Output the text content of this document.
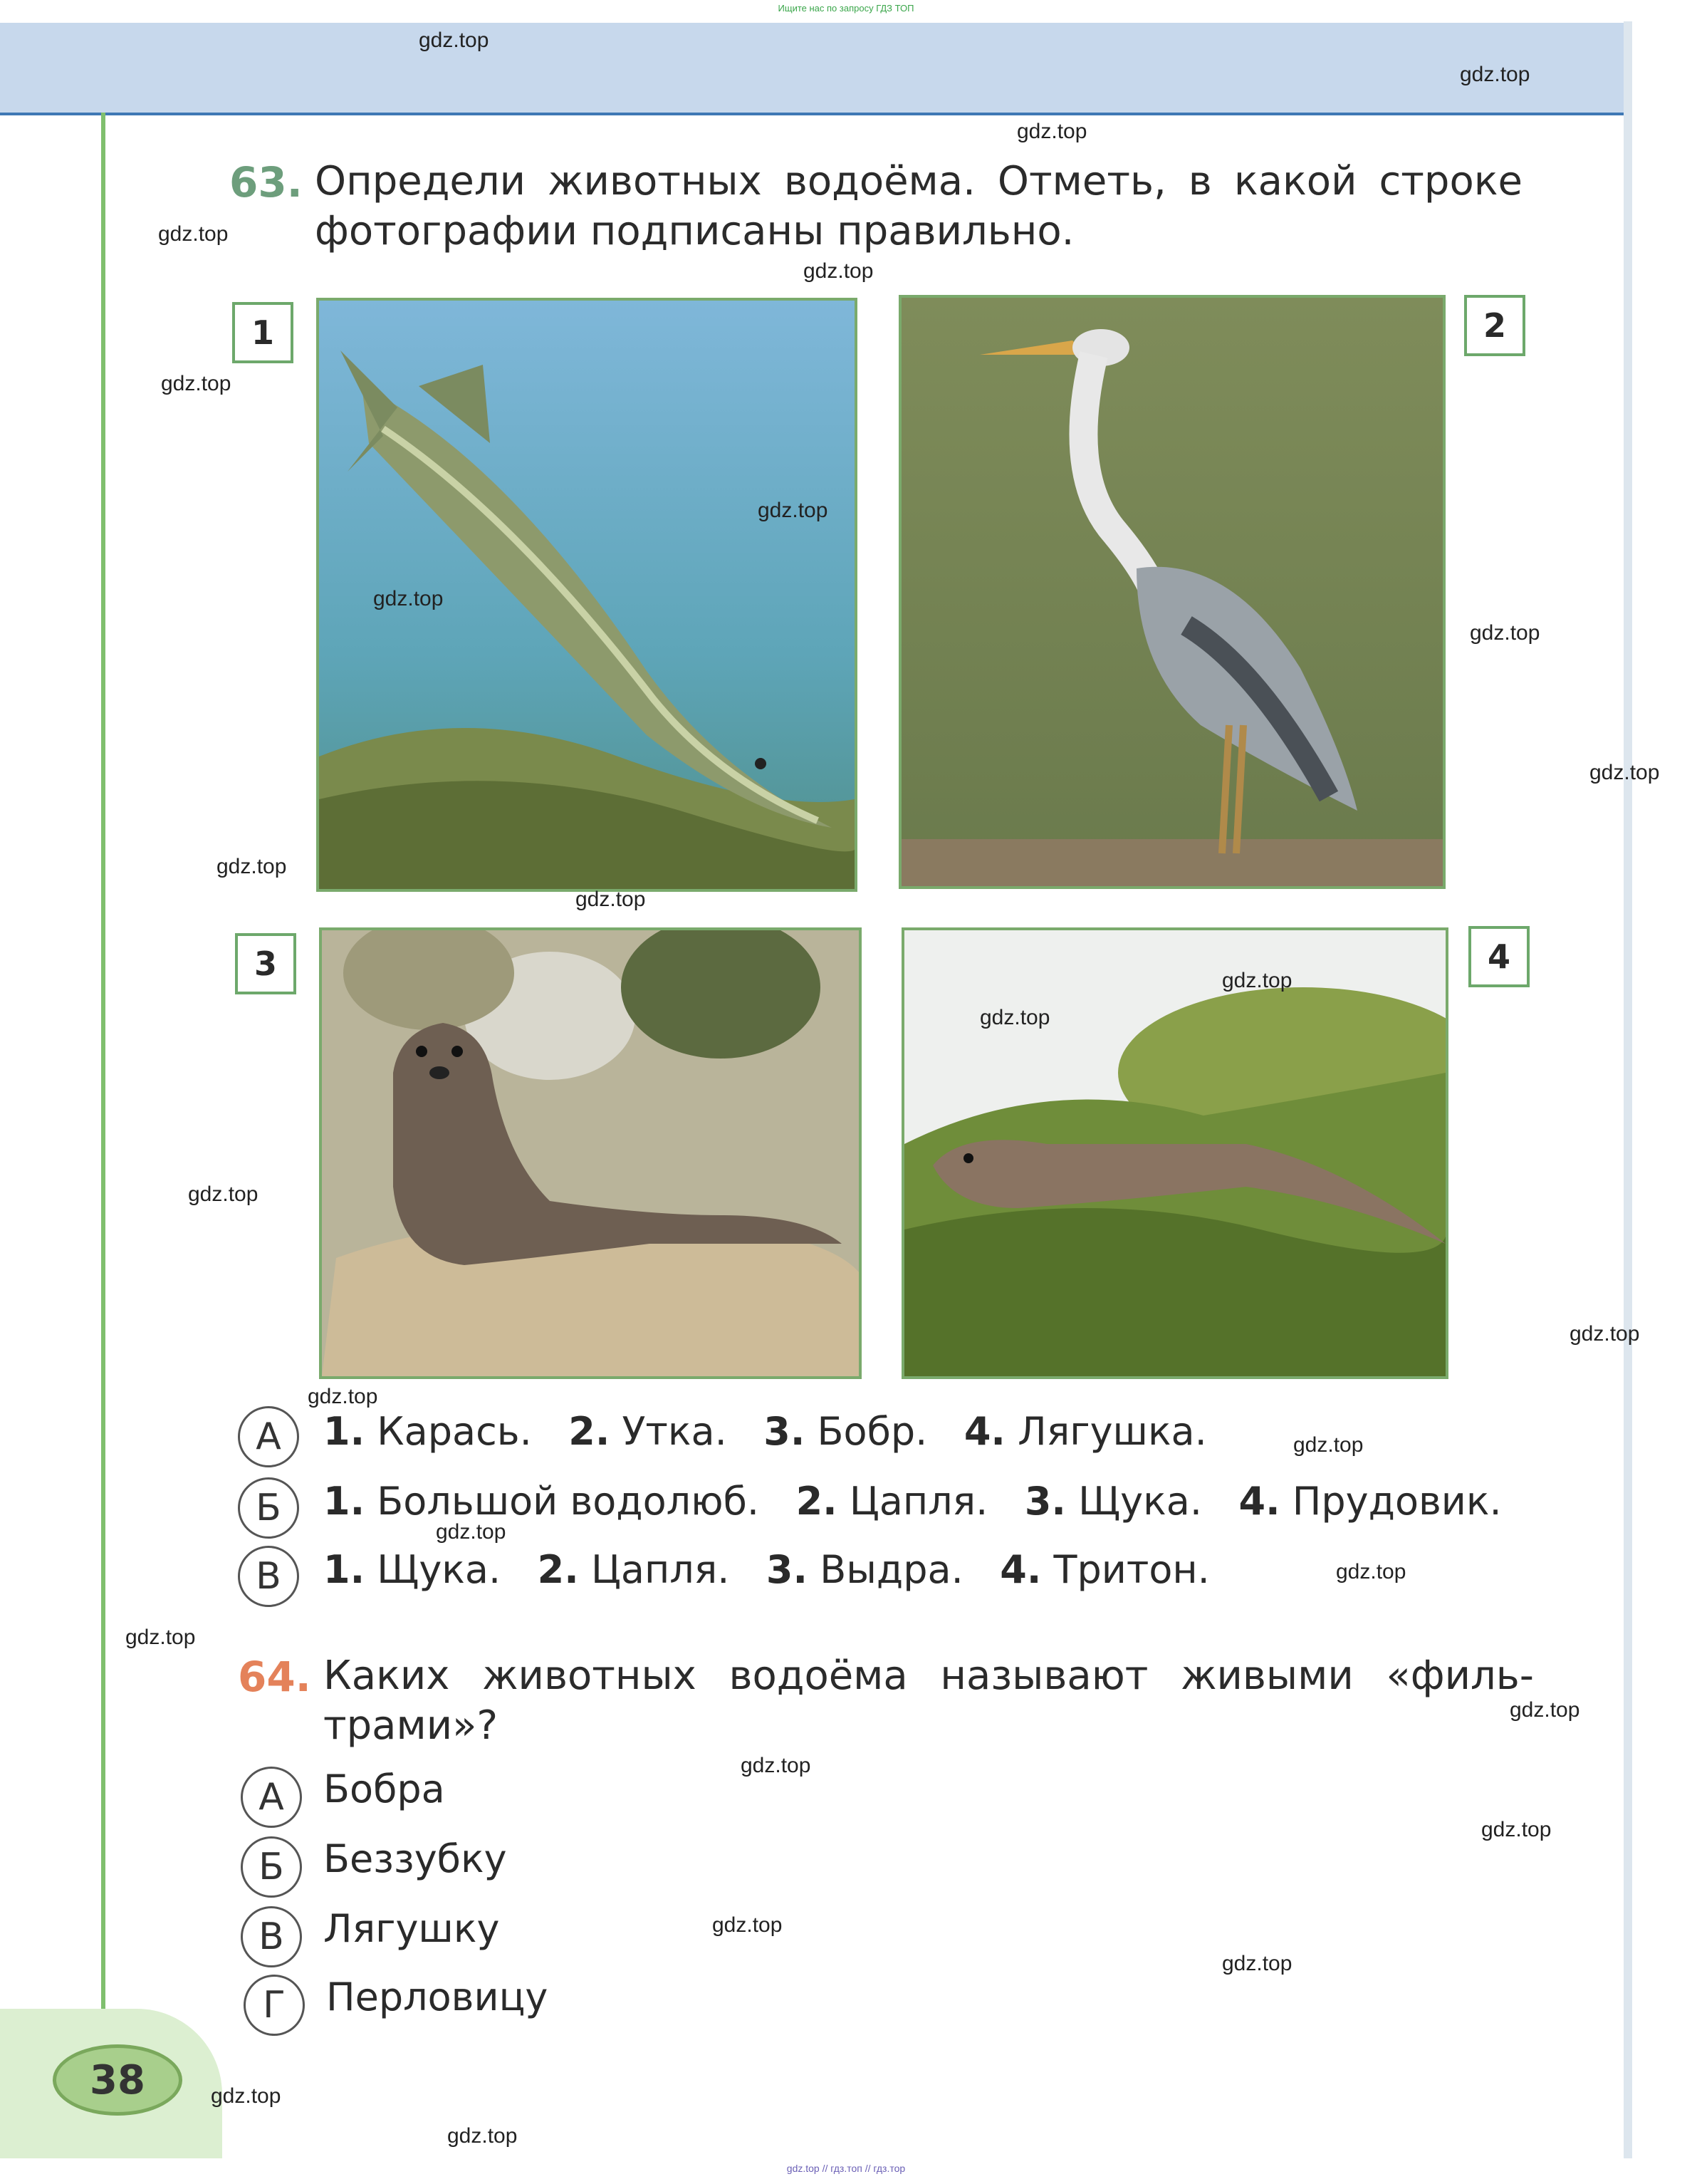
Ищите нас по запросу ГДЗ ТОП
38
63. Определи животных водоёма. Отметь, в какой строке фотографии подписаны правильно.
1	2
3	4
А	1. Карась. 2. Утка. 3. Бобр. 4. Лягушка.
Б	1. Большой водолюб. 2. Цапля. 3. Щука. 4. Прудовик.
В	1. Щука. 2. Цапля. 3. Выдра. 4. Тритон.
64. Каких животных водоёма называют живыми «филь-
трами»?
А	Бобра
Б	Беззубку
В	Лягушку
Г	Перловицу
gdz.top
gdz.top
gdz.top
gdz.top
gdz.top
gdz.top
gdz.top
gdz.top
gdz.top
gdz.top
gdz.top
gdz.top
gdz.top
gdz.top
gdz.top
gdz.top
gdz.top
gdz.top
gdz.top
gdz.top
gdz.top
gdz.top
gdz.top
gdz.top
gdz.top
gdz.top
gdz.top
gdz.top
gdz.top // гдз.топ // гдз.тор
